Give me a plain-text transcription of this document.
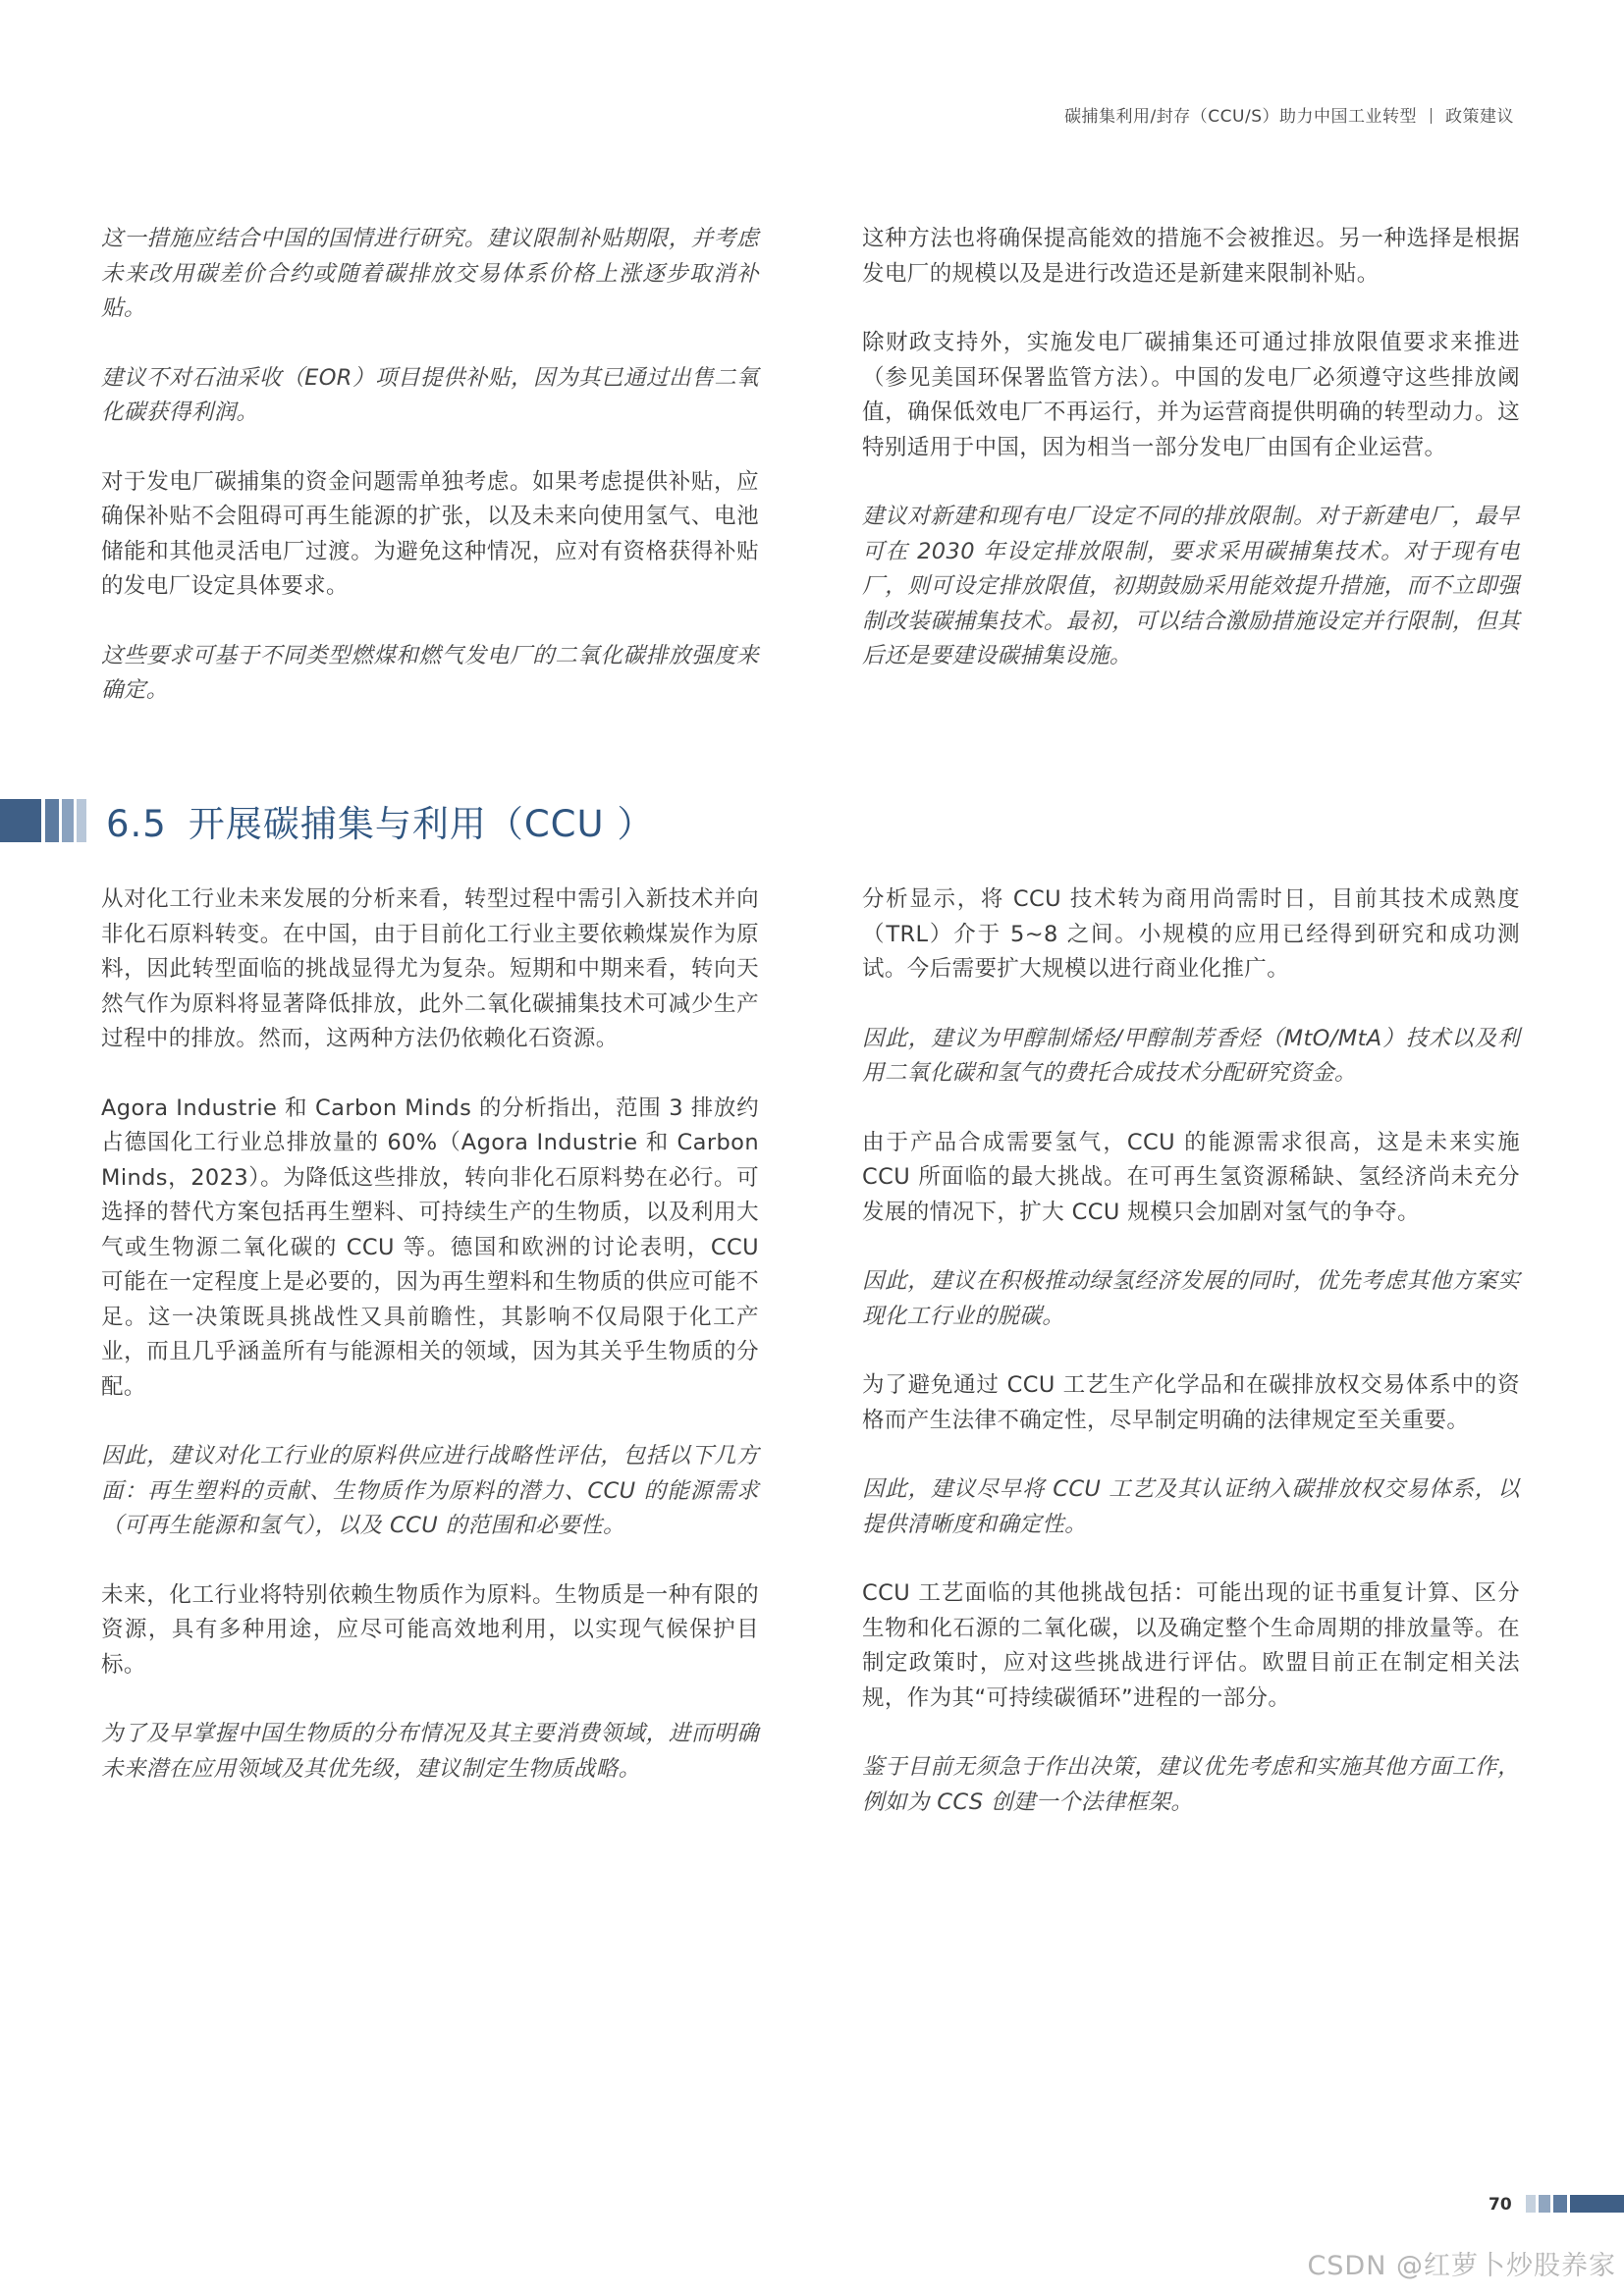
碳捕集利用/封存（CCU/S）助力中国工业转型 政策建议

这一措施应结合中国的国情进行研究。建议限制补贴期限，并考虑未来改用碳差价合约或随着碳排放交易体系价格上涨逐步取消补贴。

建议不对石油采收（EOR）项目提供补贴，因为其已通过出售二氧化碳获得利润。

对于发电厂碳捕集的资金问题需单独考虑。如果考虑提供补贴，应确保补贴不会阻碍可再生能源的扩张，以及未来向使用氢气、电池储能和其他灵活电厂过渡。为避免这种情况，应对有资格获得补贴的发电厂设定具体要求。

这些要求可基于不同类型燃煤和燃气发电厂的二氧化碳排放强度来确定。

这种方法也将确保提高能效的措施不会被推迟。另一种选择是根据发电厂的规模以及是进行改造还是新建来限制补贴。

除财政支持外，实施发电厂碳捕集还可通过排放限值要求来推进（参见美国环保署监管方法）。中国的发电厂必须遵守这些排放阈值，确保低效电厂不再运行，并为运营商提供明确的转型动力。这特别适用于中国，因为相当一部分发电厂由国有企业运营。

建议对新建和现有电厂设定不同的排放限制。对于新建电厂，最早可在 2030 年设定排放限制，要求采用碳捕集技术。对于现有电厂，则可设定排放限值，初期鼓励采用能效提升措施，而不立即强制改装碳捕集技术。最初，可以结合激励措施设定并行限制，但其后还是要建设碳捕集设施。

6.5 开展碳捕集与利用（CCU ）

从对化工行业未来发展的分析来看，转型过程中需引入新技术并向非化石原料转变。在中国，由于目前化工行业主要依赖煤炭作为原料，因此转型面临的挑战显得尤为复杂。短期和中期来看，转向天然气作为原料将显著降低排放，此外二氧化碳捕集技术可减少生产过程中的排放。然而，这两种方法仍依赖化石资源。

Agora Industrie 和 Carbon Minds 的分析指出，范围 3 排放约占德国化工行业总排放量的 60%（Agora Industrie 和 Carbon Minds，2023）。为降低这些排放，转向非化石原料势在必行。可选择的替代方案包括再生塑料、可持续生产的生物质，以及利用大气或生物源二氧化碳的 CCU 等。德国和欧洲的讨论表明，CCU 可能在一定程度上是必要的，因为再生塑料和生物质的供应可能不足。这一决策既具挑战性又具前瞻性，其影响不仅局限于化工产业，而且几乎涵盖所有与能源相关的领域，因为其关乎生物质的分配。

因此，建议对化工行业的原料供应进行战略性评估，包括以下几方面：再生塑料的贡献、生物质作为原料的潜力、CCU 的能源需求（可再生能源和氢气），以及 CCU 的范围和必要性。

未来，化工行业将特别依赖生物质作为原料。生物质是一种有限的资源，具有多种用途，应尽可能高效地利用，以实现气候保护目标。

为了及早掌握中国生物质的分布情况及其主要消费领域，进而明确未来潜在应用领域及其优先级，建议制定生物质战略。

分析显示，将 CCU 技术转为商用尚需时日，目前其技术成熟度（TRL）介于 5~8 之间。小规模的应用已经得到研究和成功测试。今后需要扩大规模以进行商业化推广。

因此，建议为甲醇制烯烃/甲醇制芳香烃（MtO/MtA）技术以及利用二氧化碳和氢气的费托合成技术分配研究资金。

由于产品合成需要氢气，CCU 的能源需求很高，这是未来实施 CCU 所面临的最大挑战。在可再生氢资源稀缺、氢经济尚未充分发展的情况下，扩大 CCU 规模只会加剧对氢气的争夺。

因此，建议在积极推动绿氢经济发展的同时，优先考虑其他方案实现化工行业的脱碳。

为了避免通过 CCU 工艺生产化学品和在碳排放权交易体系中的资格而产生法律不确定性，尽早制定明确的法律规定至关重要。

因此，建议尽早将 CCU 工艺及其认证纳入碳排放权交易体系，以提供清晰度和确定性。

CCU 工艺面临的其他挑战包括：可能出现的证书重复计算、区分生物和化石源的二氧化碳，以及确定整个生命周期的排放量等。在制定政策时，应对这些挑战进行评估。欧盟目前正在制定相关法规，作为其“可持续碳循环”进程的一部分。

鉴于目前无须急于作出决策，建议优先考虑和实施其他方面工作，例如为 CCS 创建一个法律框架。

70
CSDN @红萝卜炒股养家
